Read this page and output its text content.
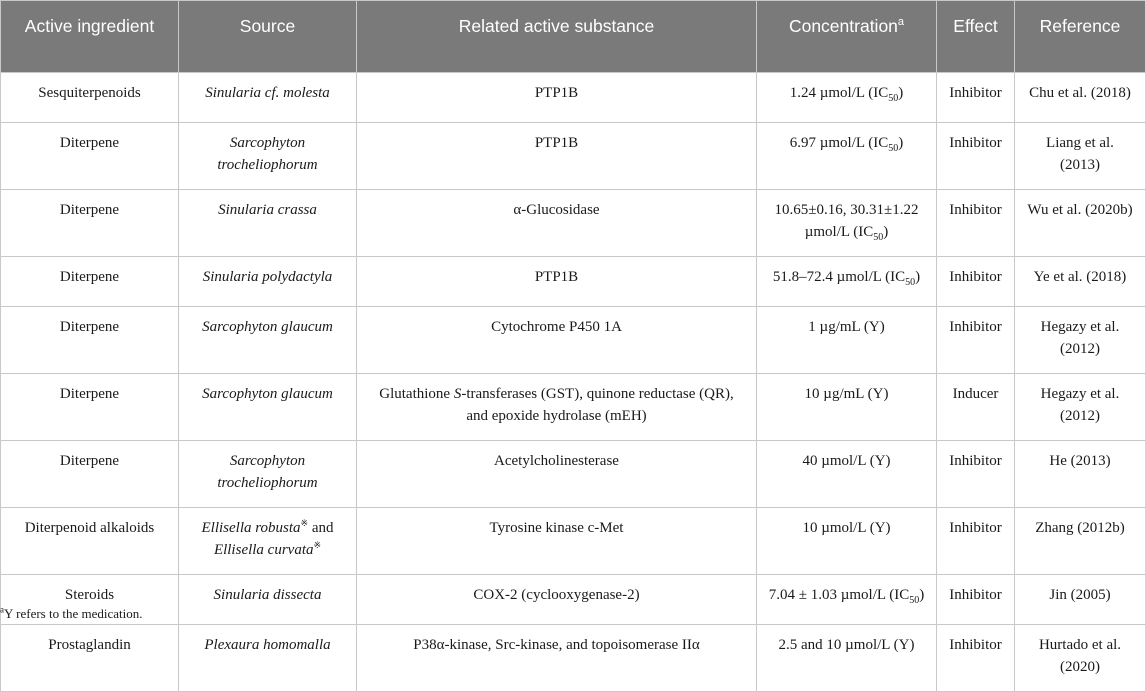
Active ingredient	Source	Related active substance	Concentration$^a$	Effect	Reference
Sesquiterpenoids	Sinularia cf. molesta	PTP1B	1.24 µmol/L $(IC_{50})$	Inhibitor	Chu et al. (2018)
Diterpene	Sarcophyton trocheliophorum	PTP1B	6.97 µmol/L $(IC_{50})$	Inhibitor	Liang et al. (2013)
Diterpene	Sinularia crassa	α-Glucosidase	10.65±0.16, 30.31±1.22 µmol/L $(IC_{50})$	Inhibitor	Wu et al. (2020b)
Diterpene	Sinularia polydactyla	PTP1B	51.8–72.4 µmol/L $(IC_{50})$	Inhibitor	Ye et al. (2018)
Diterpene	Sarcophyton glaucum	Cytochrome P450 1A	1 µg/mL (Y)	Inhibitor	Hegazy et al. (2012)
Diterpene	Sarcophyton glaucum	Glutathione S-transferases (GST), quinone reductase (QR), and epoxide hydrolase (mEH)	10 µg/mL (Y)	Inducer	Hegazy et al. (2012)
Diterpene	Sarcophyton trocheliophorum	Acetylcholinesterase	40 µmol/L (Y)	Inhibitor	He (2013)
Diterpenoid alkaloids	Ellisella robusta※ and Ellisella curvata※	Tyrosine kinase c-Met	10 µmol/L (Y)	Inhibitor	Zhang (2012b)
Steroids	Sinularia dissecta	COX-2 (cyclooxygenase-2)	7.04 ± 1.03 µmol/L $(IC_{50})$	Inhibitor	Jin (2005)
Prostaglandin	Plexaura homomalla	P38α-kinase, Src-kinase, and topoisomerase IIα	2.5 and 10 µmol/L (Y)	Inhibitor	Hurtado et al. (2020)
$^a$Y refers to the medication.
